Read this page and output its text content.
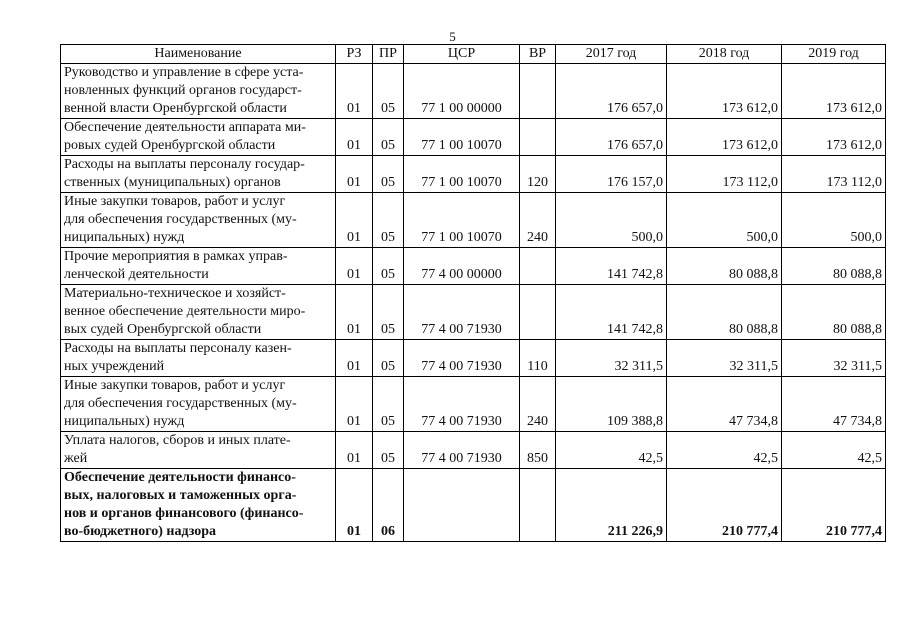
5
Наименование	РЗ	ПР	ЦСР	ВР	2017 год	2018 год	2019 год

Руководство и управление в сфере уста-
новленных функций органов государст-
венной власти Оренбургской области	01	05	77 1 00 00000		176 657,0	173 612,0	173 612,0

Обеспечение деятельности аппарата ми-
ровых судей Оренбургской области	01	05	77 1 00 10070		176 657,0	173 612,0	173 612,0

Расходы на выплаты персоналу государ-
ственных (муниципальных) органов	01	05	77 1 00 10070	120	176 157,0	173 112,0	173 112,0

Иные закупки товаров, работ и услуг
для обеспечения государственных (му-
ниципальных) нужд	01	05	77 1 00 10070	240	500,0	500,0	500,0

Прочие мероприятия в рамках управ-
ленческой деятельности	01	05	77 4 00 00000		141 742,8	80 088,8	80 088,8

Материально-техническое и хозяйст-
венное обеспечение деятельности миро-
вых судей Оренбургской области	01	05	77 4 00 71930		141 742,8	80 088,8	80 088,8

Расходы на выплаты персоналу казен-
ных учреждений	01	05	77 4 00 71930	110	32 311,5	32 311,5	32 311,5

Иные закупки товаров, работ и услуг
для обеспечения государственных (му-
ниципальных) нужд	01	05	77 4 00 71930	240	109 388,8	47 734,8	47 734,8

Уплата налогов, сборов и иных плате-
жей	01	05	77 4 00 71930	850	42,5	42,5	42,5

Обеспечение деятельности финансо-
вых, налоговых и таможенных орга-
нов и органов финансового (финансо-
во-бюджетного) надзора	01	06			211 226,9	210 777,4	210 777,4
